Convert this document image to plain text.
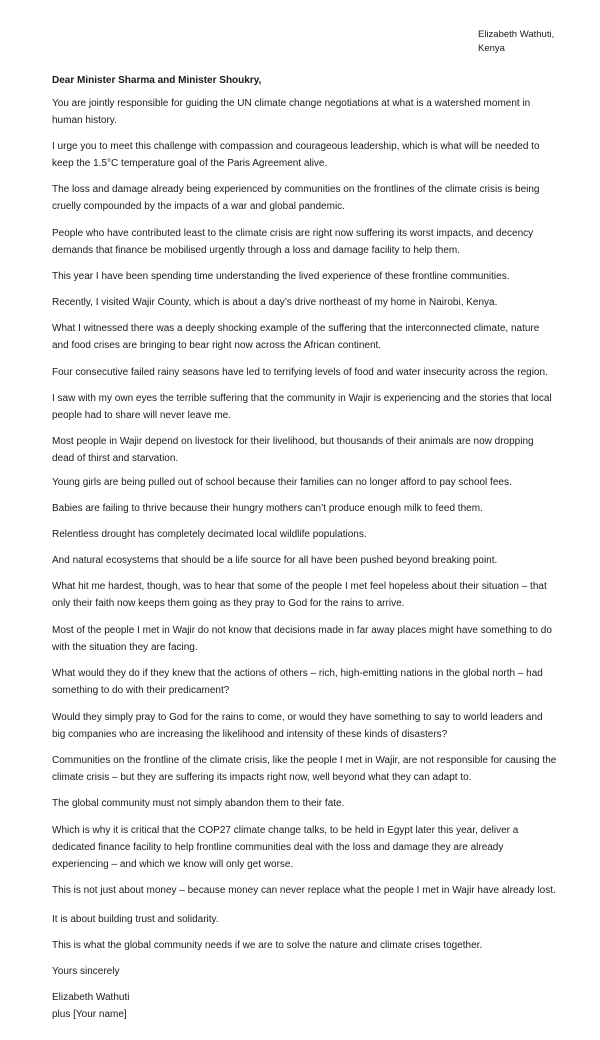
Elizabeth Wathuti,
Kenya
Dear Minister Sharma and Minister Shoukry,
You are jointly responsible for guiding the UN climate change negotiations at what is a watershed moment in
human history.
I urge you to meet this challenge with compassion and courageous leadership, which is what will be needed to
keep the 1.5°C temperature goal of the Paris Agreement alive.
The loss and damage already being experienced by communities on the frontlines of the climate crisis is being
cruelly compounded by the impacts of a war and global pandemic.
People who have contributed least to the climate crisis are right now suffering its worst impacts, and decency
demands that finance be mobilised urgently through a loss and damage facility to help them.
This year I have been spending time understanding the lived experience of these frontline communities.
Recently, I visited Wajir County, which is about a day’s drive northeast of my home in Nairobi, Kenya.
What I witnessed there was a deeply shocking example of the suffering that the interconnected climate, nature
and food crises are bringing to bear right now across the African continent.
Four consecutive failed rainy seasons have led to terrifying levels of food and water insecurity across the region.
I saw with my own eyes the terrible suffering that the community in Wajir is experiencing and the stories that local
people had to share will never leave me.
Most people in Wajir depend on livestock for their livelihood, but thousands of their animals are now dropping
dead of thirst and starvation.
Young girls are being pulled out of school because their families can no longer afford to pay school fees.
Babies are failing to thrive because their hungry mothers can’t produce enough milk to feed them.
Relentless drought has completely decimated local wildlife populations.
And natural ecosystems that should be a life source for all have been pushed beyond breaking point.
What hit me hardest, though, was to hear that some of the people I met feel hopeless about their situation – that
only their faith now keeps them going as they pray to God for the rains to arrive.
Most of the people I met in Wajir do not know that decisions made in far away places might have something to do
with the situation they are facing.
What would they do if they knew that the actions of others – rich, high-emitting nations in the global north – had
something to do with their predicament?
Would they simply pray to God for the rains to come, or would they have something to say to world leaders and
big companies who are increasing the likelihood and intensity of these kinds of disasters?
Communities on the frontline of the climate crisis, like the people I met in Wajir, are not responsible for causing the
climate crisis – but they are suffering its impacts right now, well beyond what they can adapt to.
The global community must not simply abandon them to their fate.
Which is why it is critical that the COP27 climate change talks, to be held in Egypt later this year, deliver a
dedicated finance facility to help frontline communities deal with the loss and damage they are already
experiencing – and which we know will only get worse.
This is not just about money – because money can never replace what the people I met in Wajir have already lost.
It is about building trust and solidarity.
This is what the global community needs if we are to solve the nature and climate crises together.
Yours sincerely
Elizabeth Wathuti
plus [Your name]
